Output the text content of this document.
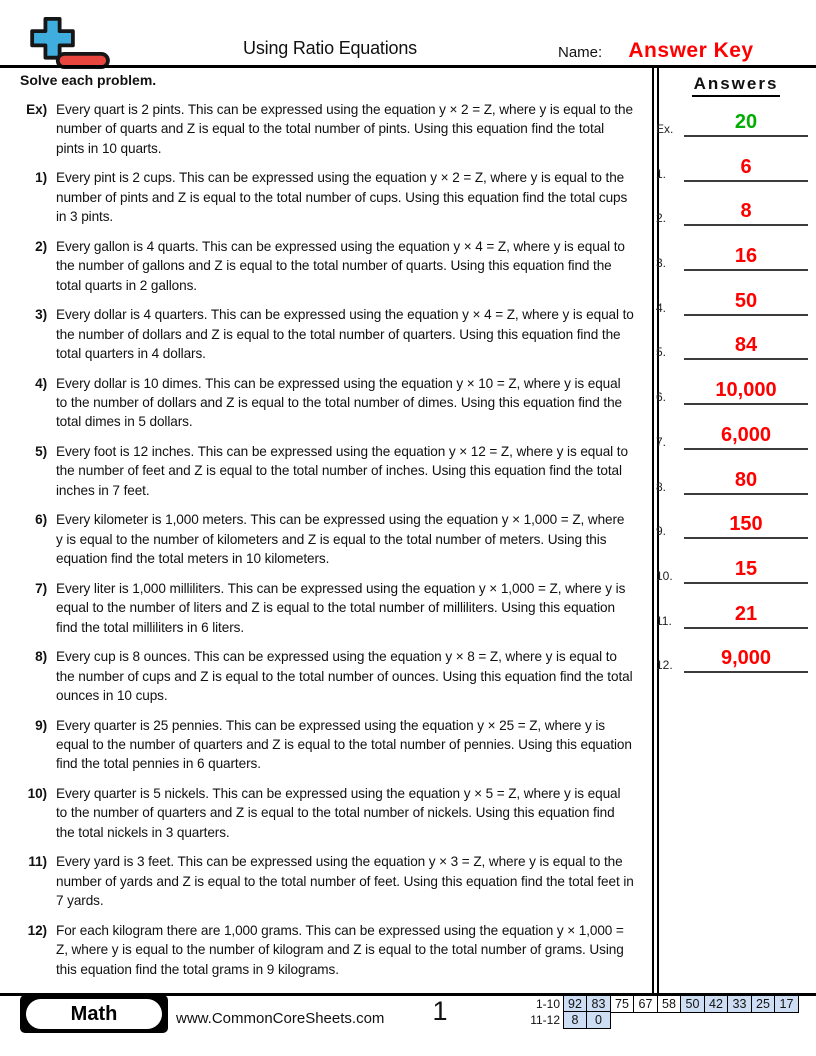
Using Ratio Equations	Name:	Answer Key
Solve each problem.
Ex) Every quart is 2 pints. This can be expressed using the equation y × 2 = Z, where y is equal to the number of quarts and Z is equal to the total number of pints. Using this equation find the total pints in 10 quarts.
1) Every pint is 2 cups. This can be expressed using the equation y × 2 = Z, where y is equal to the number of pints and Z is equal to the total number of cups. Using this equation find the total cups in 3 pints.
2) Every gallon is 4 quarts. This can be expressed using the equation y × 4 = Z, where y is equal to the number of gallons and Z is equal to the total number of quarts. Using this equation find the total quarts in 2 gallons.
3) Every dollar is 4 quarters. This can be expressed using the equation y × 4 = Z, where y is equal to the number of dollars and Z is equal to the total number of quarters. Using this equation find the total quarters in 4 dollars.
4) Every dollar is 10 dimes. This can be expressed using the equation y × 10 = Z, where y is equal to the number of dollars and Z is equal to the total number of dimes. Using this equation find the total dimes in 5 dollars.
5) Every foot is 12 inches. This can be expressed using the equation y × 12 = Z, where y is equal to the number of feet and Z is equal to the total number of inches. Using this equation find the total inches in 7 feet.
6) Every kilometer is 1,000 meters. This can be expressed using the equation y × 1,000 = Z, where y is equal to the number of kilometers and Z is equal to the total number of meters. Using this equation find the total meters in 10 kilometers.
7) Every liter is 1,000 milliliters. This can be expressed using the equation y × 1,000 = Z, where y is equal to the number of liters and Z is equal to the total number of milliliters. Using this equation find the total milliliters in 6 liters.
8) Every cup is 8 ounces. This can be expressed using the equation y × 8 = Z, where y is equal to the number of cups and Z is equal to the total number of ounces. Using this equation find the total ounces in 10 cups.
9) Every quarter is 25 pennies. This can be expressed using the equation y × 25 = Z, where y is equal to the number of quarters and Z is equal to the total number of pennies. Using this equation find the total pennies in 6 quarters.
10) Every quarter is 5 nickels. This can be expressed using the equation y × 5 = Z, where y is equal to the number of quarters and Z is equal to the total number of nickels. Using this equation find the total nickels in 3 quarters.
11) Every yard is 3 feet. This can be expressed using the equation y × 3 = Z, where y is equal to the number of yards and Z is equal to the total number of feet. Using this equation find the total feet in 7 yards.
12) For each kilogram there are 1,000 grams. This can be expressed using the equation y × 1,000 = Z, where y is equal to the number of kilogram and Z is equal to the total number of grams. Using this equation find the total grams in 9 kilograms.
Answers
Ex.	20
1.	6
2.	8
3.	16
4.	50
5.	84
6.	10,000
7.	6,000
8.	80
9.	150
10.	15
11.	21
12.	9,000
Math	www.CommonCoreSheets.com	1	1-10 92 83 75 67 58 50 42 33 25 17
11-12 8	0
